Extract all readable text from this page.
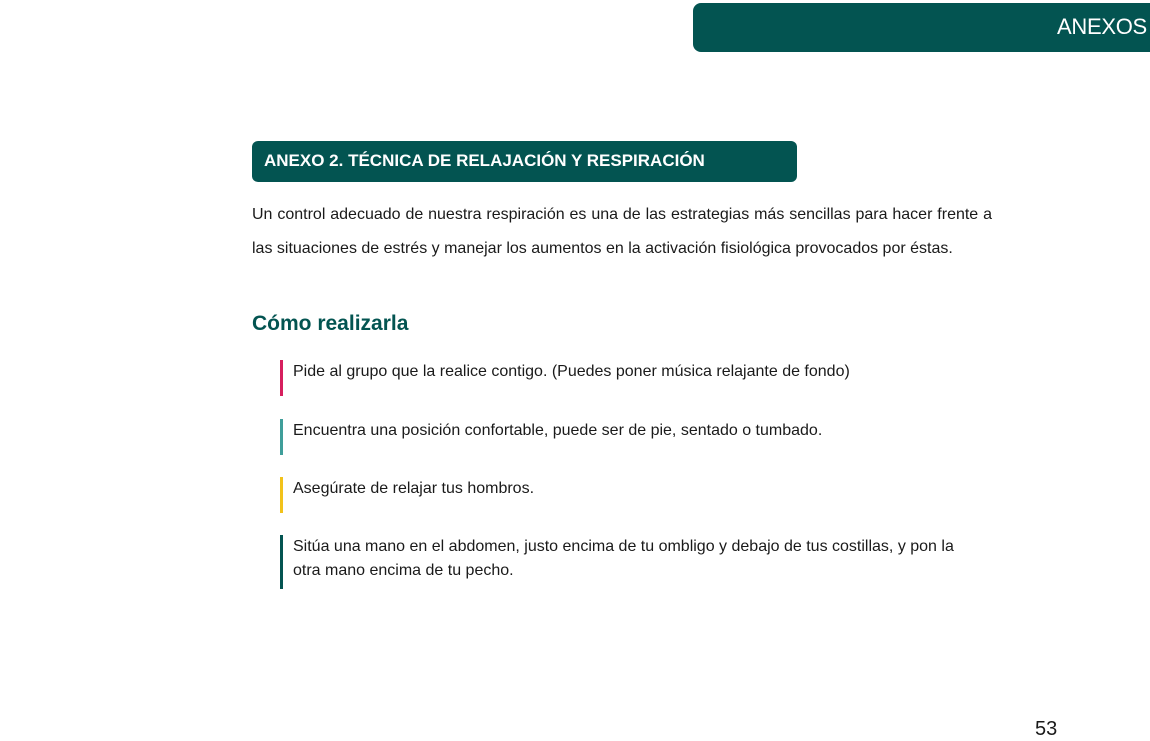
ANEXOS
ANEXO 2. TÉCNICA DE RELAJACIÓN Y RESPIRACIÓN

Un control adecuado de nuestra respiración es una de las estrategias más sencillas para hacer frente a las situaciones de estrés y manejar los aumentos en la activación fisiológica provocados por éstas.

Cómo realizarla
Pide al grupo que la realice contigo. (Puedes poner música relajante de fondo)
Encuentra una posición confortable, puede ser de pie, sentado o tumbado.
Asegúrate de relajar tus hombros.
Sitúa una mano en el abdomen, justo encima de tu ombligo y debajo de tus costillas, y pon la otra mano encima de tu pecho.
53
